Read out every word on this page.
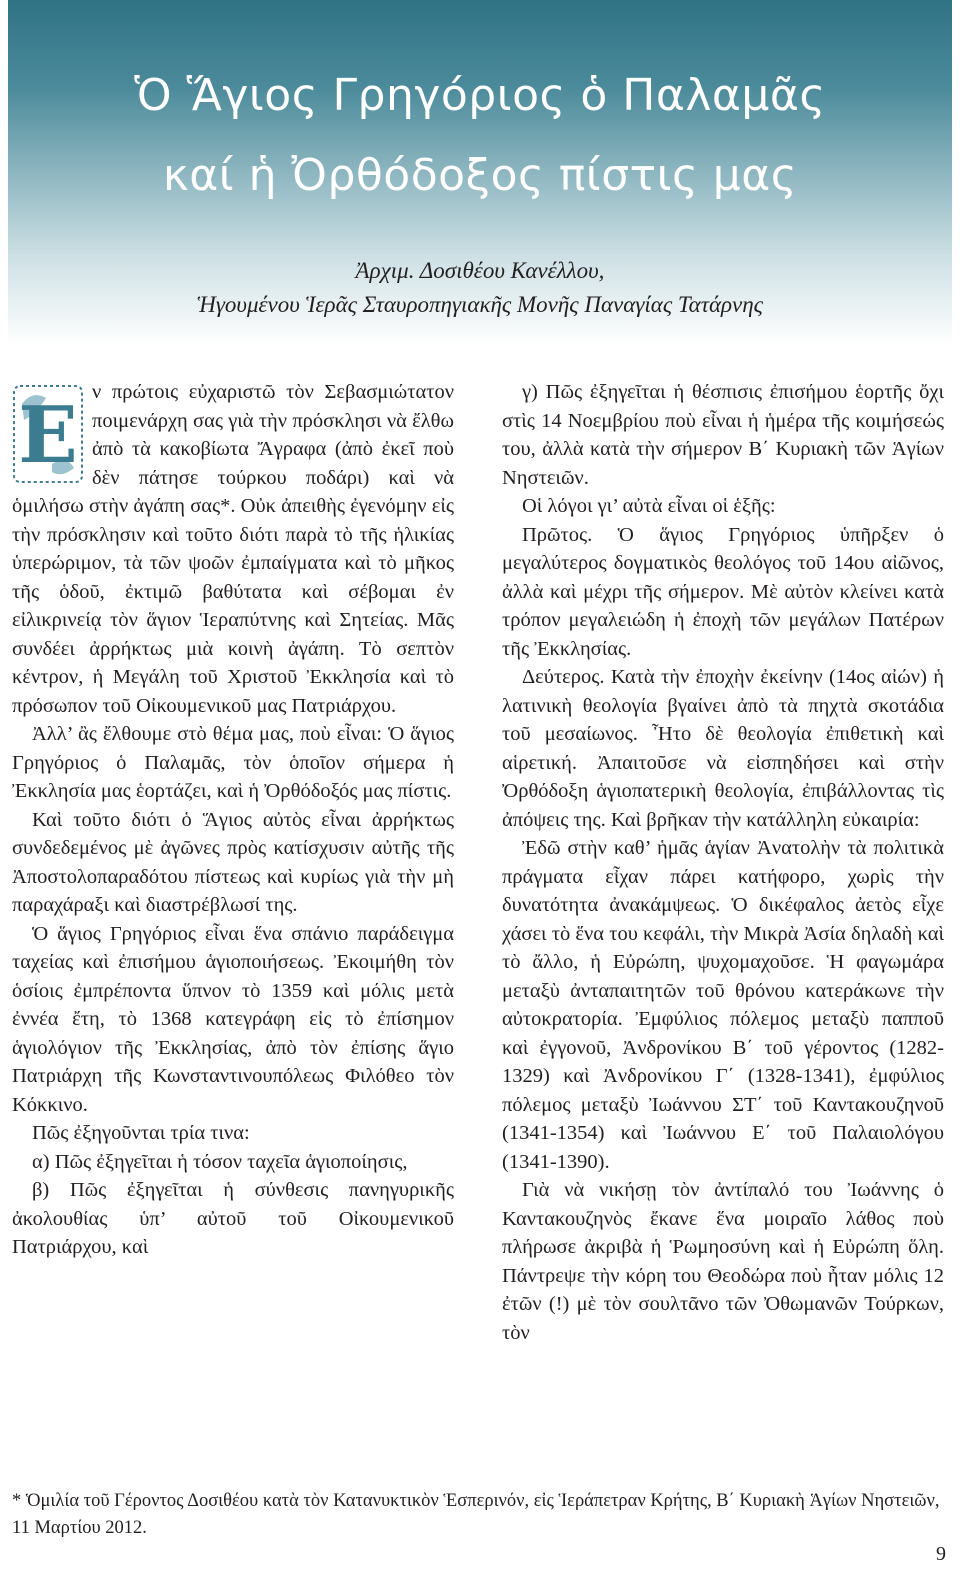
Ὁ Ἅγιος Γρηγόριος ὁ Παλαμᾶς
καί ἡ Ὀρθόδοξος πίστις μας
Ἀρχιμ. Δοσιθέου Κανέλλου,
Ἡγουμένου Ἱερᾶς Σταυροπηγιακῆς Μονῆς Παναγίας Τατάρνης
Ε ν πρώτοις εὐχαριστῶ τὸν Σεβασμιώτατον ποιμενάρχη σας γιὰ τὴν πρόσκλησι νὰ ἔλθω ἀπὸ τὰ κακοβίωτα Ἄγραφα (ἀπὸ ἐκεῖ ποὺ δὲν πάτησε τούρκου ποδάρι) καὶ νὰ ὁμιλήσω στὴν ἀγάπη σας*. Οὐκ ἀπειθὴς ἐγενόμην εἰς τὴν πρόσκλησιν καὶ τοῦτο διότι παρὰ τὸ τῆς ἡλικίας ὑπερώριμον, τὰ τῶν ψοῶν ἐμπαίγματα καὶ τὸ μῆκος τῆς ὁδοῦ, ἐκτιμῶ βαθύτατα καὶ σέβομαι ἐν εἰλικρινείᾳ τὸν ἅγιον Ἱεραπύτνης καὶ Σητείας. Μᾶς συνδέει ἀρρήκτως μιὰ κοινὴ ἀγάπη. Τὸ σεπτὸν κέντρον, ἡ Μεγάλη τοῦ Χριστοῦ Ἐκκλησία καὶ τὸ πρόσωπον τοῦ Οἰκουμενικοῦ μας Πατριάρχου.

Ἀλλ’ ἂς ἔλθουμε στὸ θέμα μας, ποὺ εἶναι: Ὁ ἅγιος Γρηγόριος ὁ Παλαμᾶς, τὸν ὁποῖον σήμερα ἡ Ἐκκλησία μας ἑορτάζει, καὶ ἡ Ὀρθόδοξός μας πίστις.

Καὶ τοῦτο διότι ὁ Ἅγιος αὐτὸς εἶναι ἀρρήκτως συνδεδεμένος μὲ ἀγῶνες πρὸς κατίσχυσιν αὐτῆς τῆς Ἀποστολοπαραδότου πίστεως καὶ κυρίως γιὰ τὴν μὴ παραχάραξι καὶ διαστρέβλωσί της.

Ὁ ἅγιος Γρηγόριος εἶναι ἕνα σπάνιο παράδειγμα ταχείας καὶ ἐπισήμου ἁγιοποιήσεως. Ἐκοιμήθη τὸν ὁσίοις ἐμπρέποντα ὕπνον τὸ 1359 καὶ μόλις μετὰ ἐννέα ἔτη, τὸ 1368 κατεγράφη εἰς τὸ ἐπίσημον ἁγιολόγιον τῆς Ἐκκλησίας, ἀπὸ τὸν ἐπίσης ἅγιο Πατριάρχη τῆς Κωνσταντινουπόλεως Φιλόθεο τὸν Κόκκινο.

Πῶς ἐξηγοῦνται τρία τινα:

α) Πῶς ἐξηγεῖται ἡ τόσον ταχεῖα ἁγιοποίησις,

β) Πῶς ἐξηγεῖται ἡ σύνθεσις πανηγυρικῆς ἀκολουθίας ὑπ’ αὐτοῦ τοῦ Οἰκουμενικοῦ Πατριάρχου, καὶ

γ) Πῶς ἐξηγεῖται ἡ θέσπισις ἐπισήμου ἑορτῆς ὄχι στὶς 14 Νοεμβρίου ποὺ εἶναι ἡ ἡμέρα τῆς κοιμήσεώς του, ἀλλὰ κατὰ τὴν σήμερον Β΄ Κυριακὴ τῶν Ἁγίων Νηστειῶν.

Οἱ λόγοι γι’ αὐτὰ εἶναι οἱ ἑξῆς:

Πρῶτος. Ὁ ἅγιος Γρηγόριος ὑπῆρξεν ὁ μεγαλύτερος δογματικὸς θεολόγος τοῦ 14ου αἰῶνος, ἀλλὰ καὶ μέχρι τῆς σήμερον. Μὲ αὐτὸν κλείνει κατὰ τρόπον μεγαλειώδη ἡ ἐποχὴ τῶν μεγάλων Πατέρων τῆς Ἐκκλησίας.

Δεύτερος. Κατὰ τὴν ἐποχὴν ἐκείνην (14ος αἰών) ἡ λατινικὴ θεολογία βγαίνει ἀπὸ τὰ πηχτὰ σκοτάδια τοῦ μεσαίωνος. Ἦτο δὲ θεολογία ἐπιθετικὴ καὶ αἱρετική. Ἀπαιτοῦσε νὰ εἰσπηδήσει καὶ στὴν Ὀρθόδοξη ἁγιοπατερικὴ θεολογία, ἐπιβάλλοντας τὶς ἀπόψεις της. Καὶ βρῆκαν τὴν κατάλληλη εὐκαιρία:

Ἐδῶ στὴν καθ’ ἡμᾶς ἁγίαν Ἀνατολὴν τὰ πολιτικὰ πράγματα εἶχαν πάρει κατήφορο, χωρὶς τὴν δυνατότητα ἀνακάμψεως. Ὁ δικέφαλος ἀετὸς εἶχε χάσει τὸ ἕνα του κεφάλι, τὴν Μικρὰ Ἀσία δηλαδὴ καὶ τὸ ἄλλο, ἡ Εὐρώπη, ψυχομαχοῦσε. Ἡ φαγωμάρα μεταξὺ ἀνταπαιτητῶν τοῦ θρόνου κατεράκωνε τὴν αὐτοκρατορία. Ἐμφύλιος πόλεμος μεταξὺ παπποῦ καὶ ἐγγονοῦ, Ἀνδρονίκου Β΄ τοῦ γέροντος (1282-1329) καὶ Ἀνδρονίκου Γ΄ (1328-1341), ἐμφύλιος πόλεμος μεταξὺ Ἰωάννου ΣΤ΄ τοῦ Καντακουζηνοῦ (1341-1354) καὶ Ἰωάννου Ε΄ τοῦ Παλαιολόγου (1341-1390).

Γιὰ νὰ νικήσῃ τὸν ἀντίπαλό του Ἰωάννης ὁ Καντακουζηνὸς ἔκανε ἕνα μοιραῖο λάθος ποὺ πλήρωσε ἀκριβὰ ἡ Ῥωμηοσύνη καὶ ἡ Εὐρώπη ὅλη. Πάντρεψε τὴν κόρη του Θεοδώρα ποὺ ἦταν μόλις 12 ἐτῶν (!) μὲ τὸν σουλτᾶνο τῶν Ὀθωμανῶν Τούρκων, τὸν

* Ὁμιλία τοῦ Γέροντος Δοσιθέου κατὰ τὸν Κατανυκτικὸν Ἑσπερινόν, εἰς Ἱεράπετραν Κρήτης, Β΄ Κυριακὴ Ἁγίων Νηστειῶν, 11 Μαρτίου 2012.
9
